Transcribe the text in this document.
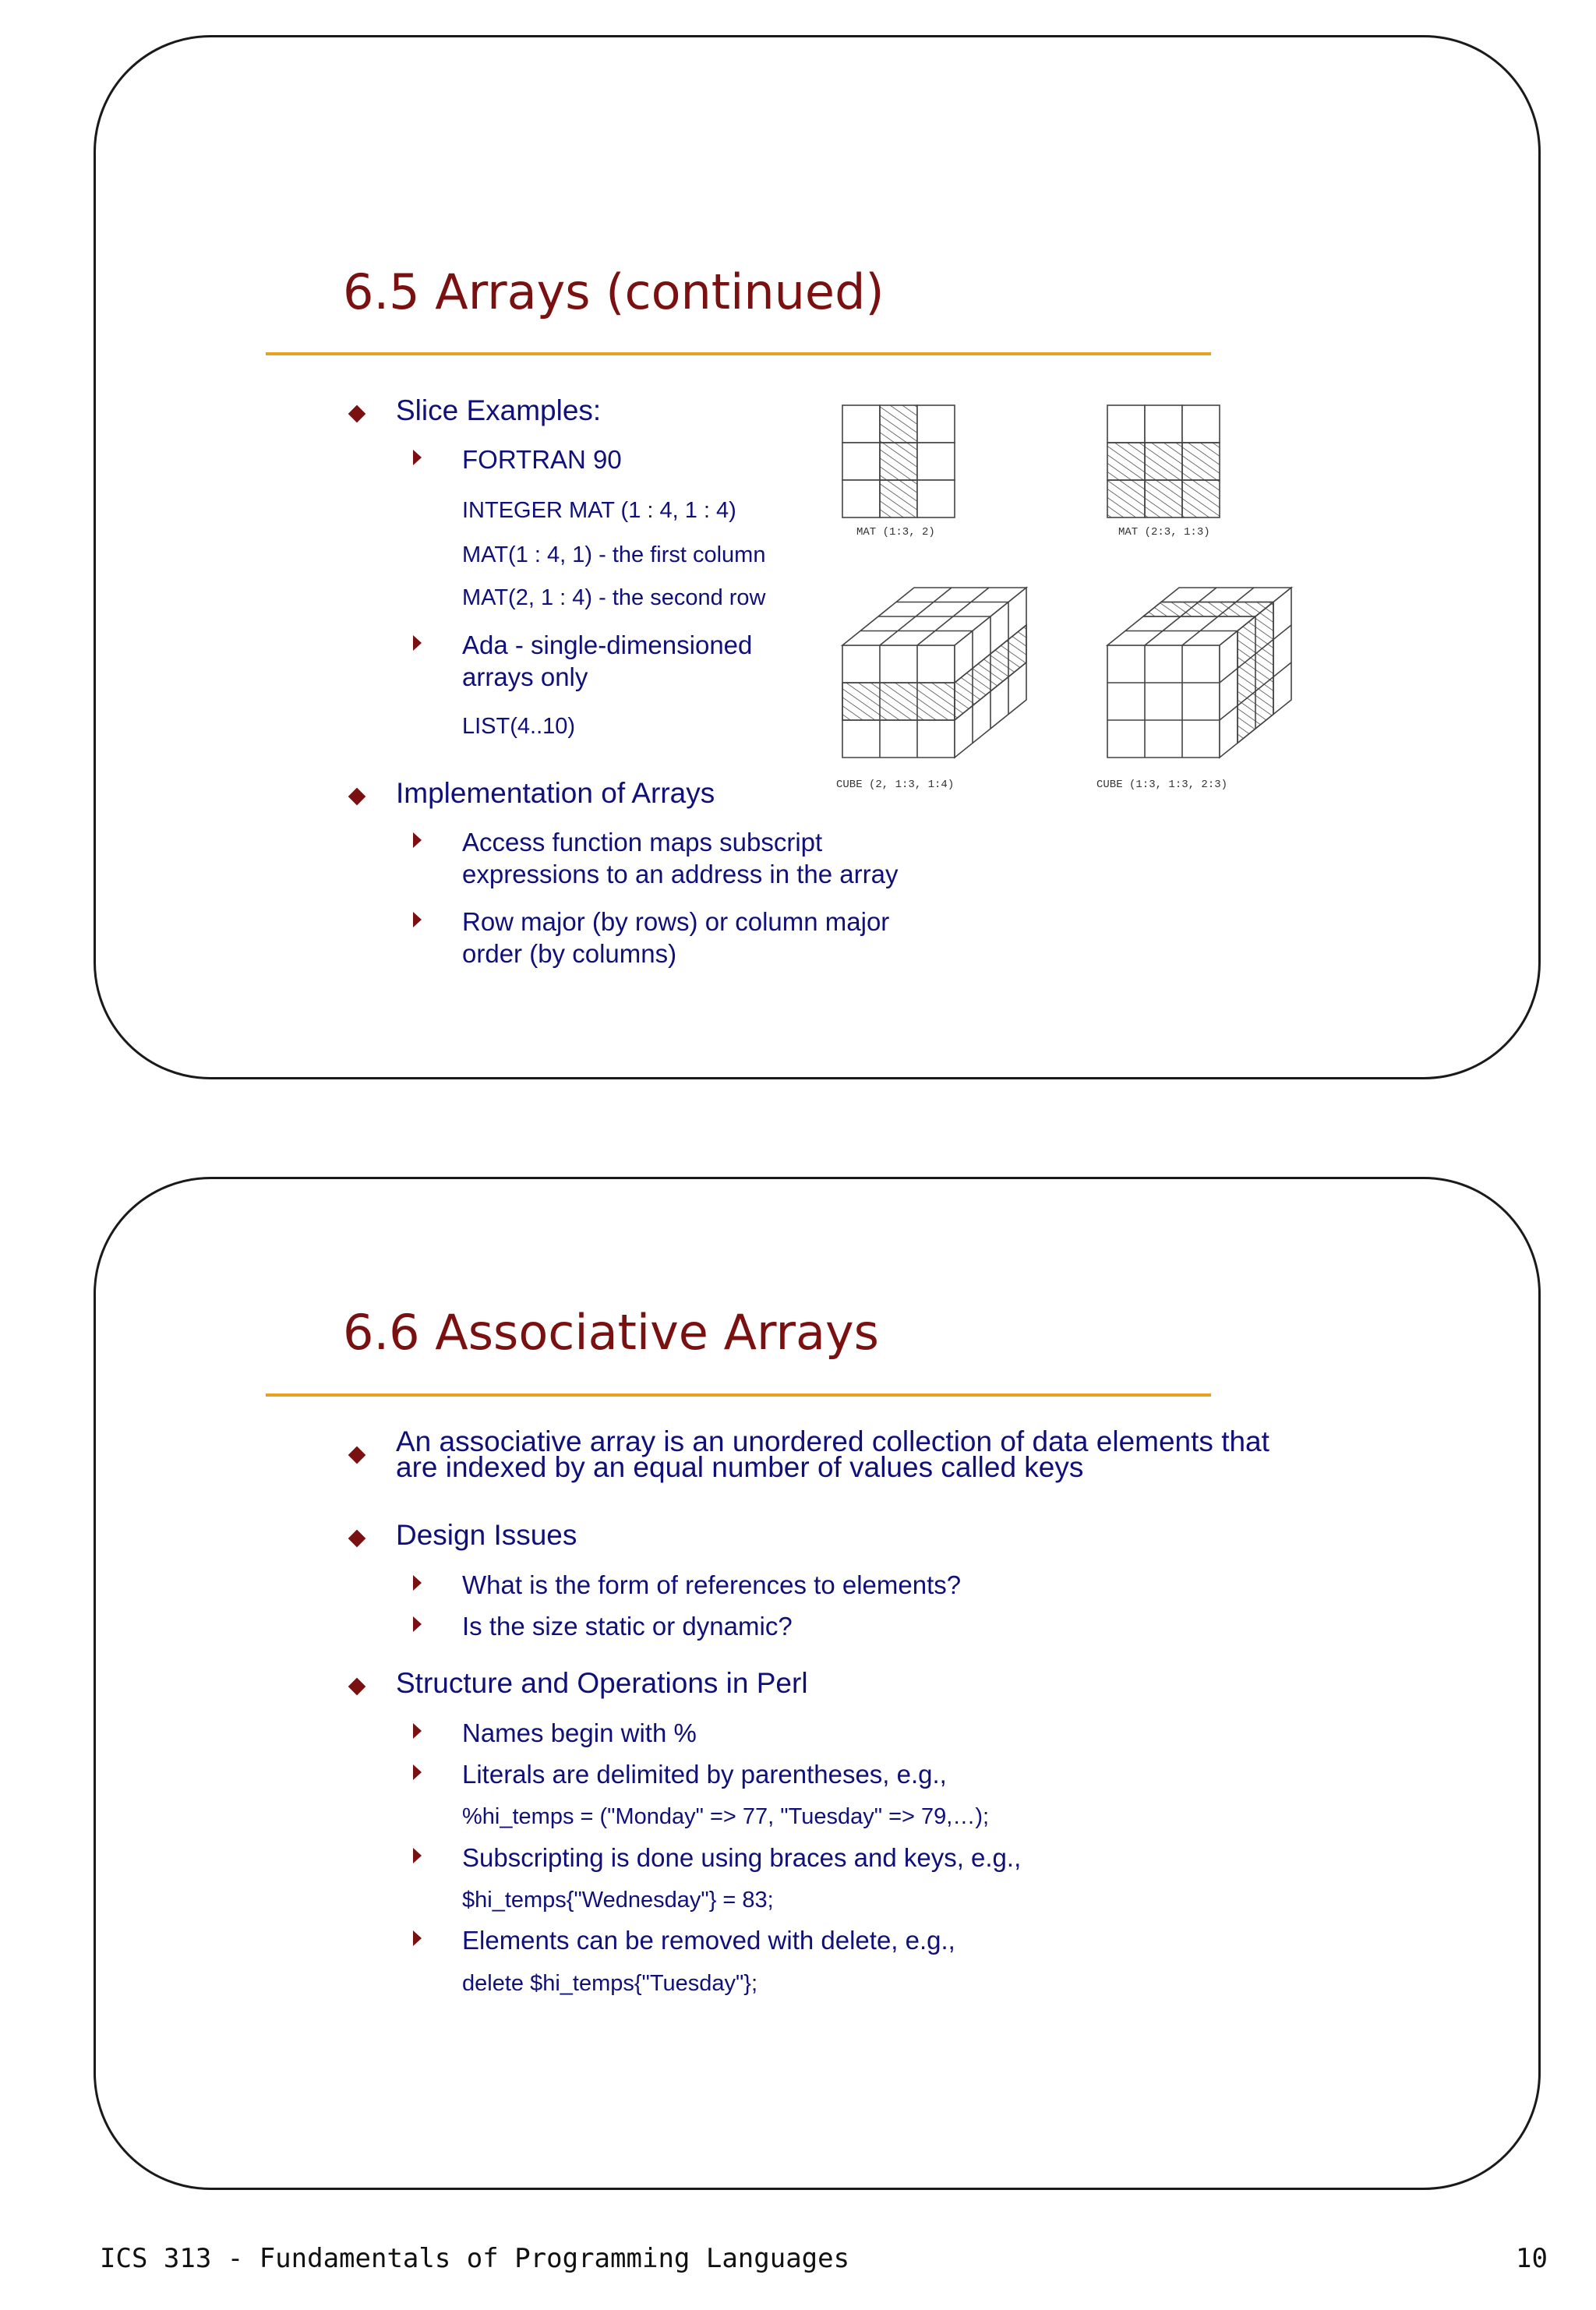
6.5 Arrays (continued)
Slice Examples:
FORTRAN 90
INTEGER MAT (1 : 4, 1 : 4)
MAT(1 : 4, 1) - the first column
MAT(2, 1 : 4) - the second row
Ada - single-dimensioned
arrays only
LIST(4..10)
Implementation of Arrays
Access function maps subscript
expressions to an address in the array
Row major (by rows) or column major
order (by columns)
MAT (1:3, 2)	MAT (2:3, 1:3)
CUBE (2, 1:3, 1:4)	CUBE (1:3, 1:3, 2:3)
6.6 Associative Arrays
An associative array is an unordered collection of data elements that
are indexed by an equal number of values called keys
Design Issues
What is the form of references to elements?
Is the size static or dynamic?
Structure and Operations in Perl
Names begin with %
Literals are delimited by parentheses, e.g.,
%hi_temps = ("Monday" => 77, "Tuesday" => 79,…);
Subscripting is done using braces and keys, e.g.,
$hi_temps{"Wednesday"} = 83;
Elements can be removed with delete, e.g.,
delete $hi_temps{"Tuesday"};
ICS 313 - Fundamentals of Programming Languages	10
